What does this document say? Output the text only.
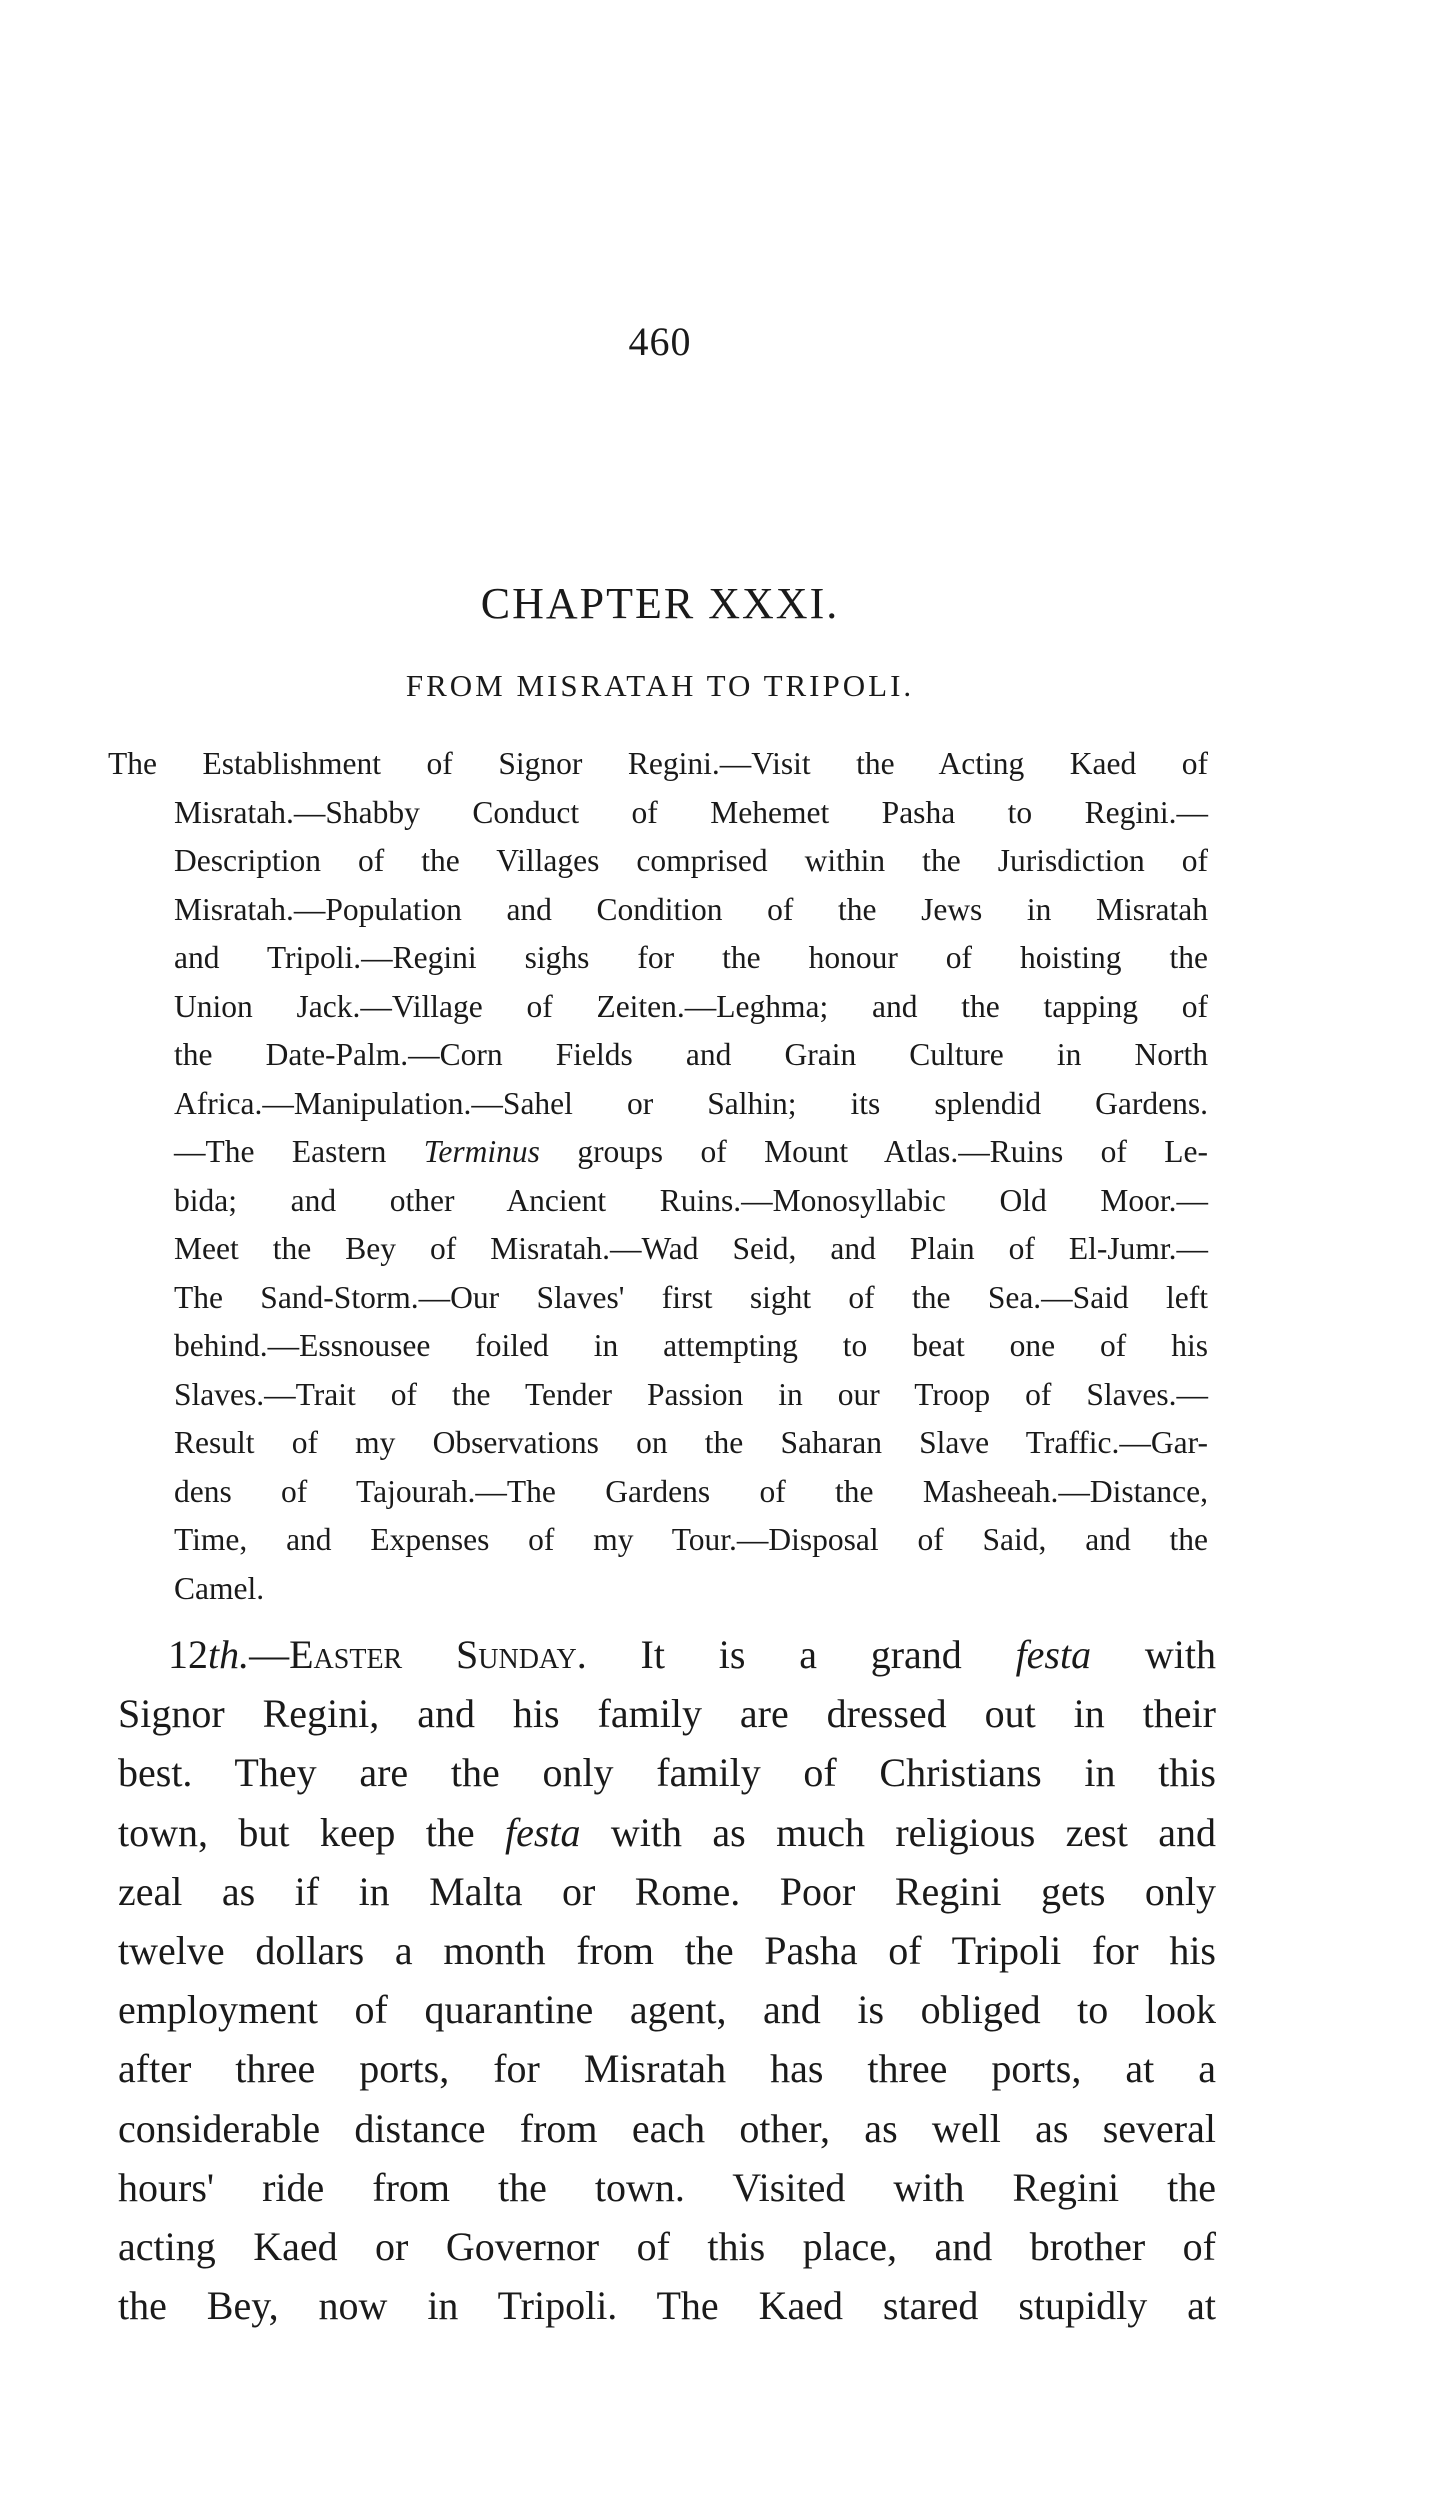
460
CHAPTER XXXI.
FROM MISRATAH TO TRIPOLI.
The Establishment of Signor Regini.—Visit the Acting Kaed of
Misratah.—Shabby Conduct of Mehemet Pasha to Regini.—
Description of the Villages comprised within the Jurisdiction of
Misratah.—Population and Condition of the Jews in Misratah
and Tripoli.—Regini sighs for the honour of hoisting the
Union Jack.—Village of Zeiten.—Leghma; and the tapping of
the Date-Palm.—Corn Fields and Grain Culture in North
Africa.—Manipulation.—Sahel or Salhin; its splendid Gardens.
—The Eastern Terminus groups of Mount Atlas.—Ruins of Le-
bida; and other Ancient Ruins.—Monosyllabic Old Moor.—
Meet the Bey of Misratah.—Wad Seid, and Plain of El-Jumr.—
The Sand-Storm.—Our Slaves' first sight of the Sea.—Said left
behind.—Essnousee foiled in attempting to beat one of his
Slaves.—Trait of the Tender Passion in our Troop of Slaves.—
Result of my Observations on the Saharan Slave Traffic.—Gar-
dens of Tajourah.—The Gardens of the Masheeah.—Distance,
Time, and Expenses of my Tour.—Disposal of Said, and the
Camel.
12th.—Easter Sunday. It is a grand festa with
Signor Regini, and his family are dressed out in their
best. They are the only family of Christians in this
town, but keep the festa with as much religious zest and
zeal as if in Malta or Rome. Poor Regini gets only
twelve dollars a month from the Pasha of Tripoli for his
employment of quarantine agent, and is obliged to look
after three ports, for Misratah has three ports, at a
considerable distance from each other, as well as several
hours' ride from the town. Visited with Regini the
acting Kaed or Governor of this place, and brother of
the Bey, now in Tripoli. The Kaed stared stupidly at
